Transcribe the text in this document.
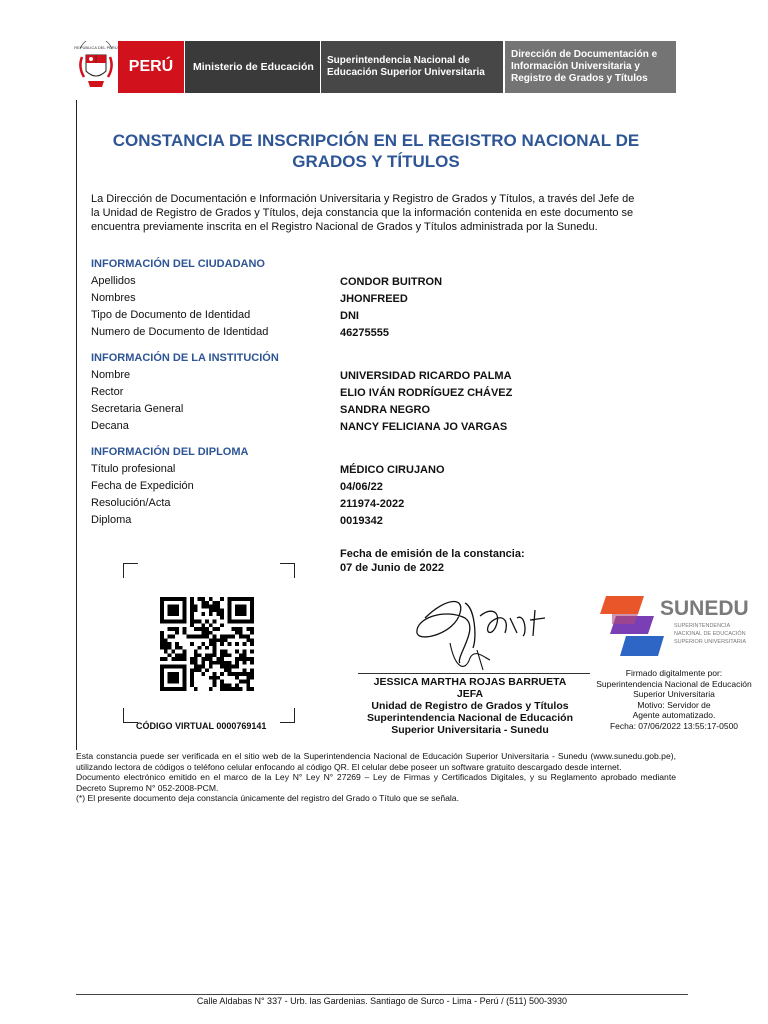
REPÚBLICA DEL PERÚ
PERÚ	Ministerio de Educación
Superintendencia Nacional de
Educación Superior Universitaria
Dirección de Documentación e
Información Universitaria y
Registro de Grados y Títulos
CONSTANCIA DE INSCRIPCIÓN EN EL REGISTRO NACIONAL DE
GRADOS Y TÍTULOS
La Dirección de Documentación e Información Universitaria y Registro de Grados y Títulos, a través del Jefe de
la Unidad de Registro de Grados y Títulos, deja constancia que la información contenida en este documento se
encuentra previamente inscrita en el Registro Nacional de Grados y Títulos administrada por la Sunedu.
INFORMACIÓN DEL CIUDADANO
Apellidos	CONDOR BUITRON
Nombres	JHONFREED
Tipo de Documento de Identidad	DNI
Numero de Documento de Identidad	46275555
INFORMACIÓN DE LA INSTITUCIÓN
Nombre	UNIVERSIDAD RICARDO PALMA
Rector	ELIO IVÁN RODRÍGUEZ CHÁVEZ
Secretaria General	SANDRA NEGRO
Decana	NANCY FELICIANA JO VARGAS
INFORMACIÓN DEL DIPLOMA
Título profesional	MÉDICO CIRUJANO
Fecha de Expedición	04/06/22
Resolución/Acta	211974-2022
Diploma	0019342
Fecha de emisión de la constancia:
07 de Junio de 2022
CÓDIGO VIRTUAL 0000769141
JESSICA MARTHA ROJAS BARRUETA
JEFA
Unidad de Registro de Grados y Títulos
Superintendencia Nacional de Educación
Superior Universitaria - Sunedu
SUNEDU
SUPERINTENDENCIA
NACIONAL DE EDUCACIÓN
SUPERIOR UNIVERSITARIA
Firmado digitalmente por:
Superintendencia Nacional de Educación
Superior Universitaria
Motivo: Servidor de
Agente automatizado.
Fecha: 07/06/2022 13:55:17-0500
Esta constancia puede ser verificada en el sitio web de la Superintendencia Nacional de Educación Superior Universitaria - Sunedu (www.sunedu.gob.pe), utilizando lectora de códigos o teléfono celular enfocando al código QR. El celular debe poseer un software gratuito descargado desde internet.
Documento electrónico emitido en el marco de la Ley N° Ley N° 27269 – Ley de Firmas y Certificados Digitales, y su Reglamento aprobado mediante Decreto Supremo N° 052-2008-PCM.
(*) El presente documento deja constancia únicamente del registro del Grado o Título que se señala.
Calle Aldabas N° 337 - Urb. las Gardenias. Santiago de Surco - Lima - Perú / (511) 500-3930
